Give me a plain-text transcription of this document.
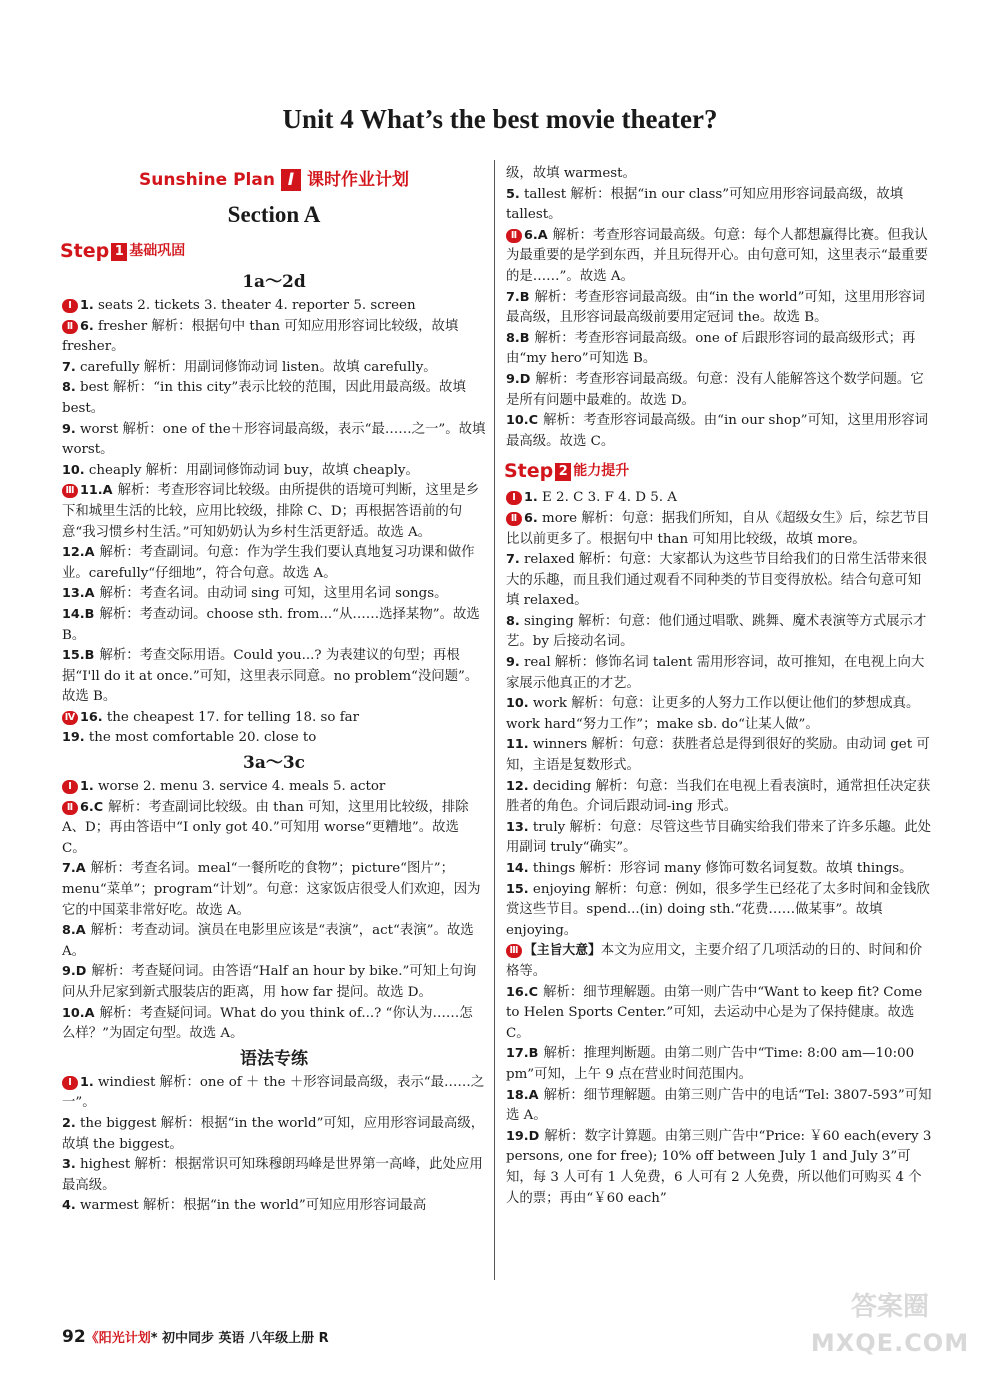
Unit 4 What’s the best movie theater?
Sunshine Plan I 课时作业计划
Section A
Step 1 基础巩固
1a～2d
Ⅰ 1. seats 2. tickets 3. theater 4. reporter 5. screen
Ⅱ 6. fresher 解析：根据句中 than 可知应用形容词比较级，故填 fresher。
7. carefully 解析：用副词修饰动词 listen。故填 carefully。
8. best 解析：“in this city”表示比较的范围，因此用最高级。故填 best。
9. worst 解析：one of the＋形容词最高级，表示“最……之一”。故填 worst。
10. cheaply 解析：用副词修饰动词 buy，故填 cheaply。
Ⅲ 11.A 解析：考查形容词比较级。由所提供的语境可判断，这里是乡下和城里生活的比较，应用比较级，排除 C、D；再根据答语前的句意“我习惯乡村生活。”可知奶奶认为乡村生活更舒适。故选 A。
12.A 解析：考查副词。句意：作为学生我们要认真地复习功课和做作业。carefully“仔细地”，符合句意。故选 A。
13.A 解析：考查名词。由动词 sing 可知，这里用名词 songs。
14.B 解析：考查动词。choose sth. from...“从……选择某物”。故选 B。
15.B 解析：考查交际用语。Could you...? 为表建议的句型；再根据“I'll do it at once.”可知，这里表示同意。no problem“没问题”。故选 B。
Ⅳ 16. the cheapest 17. for telling 18. so far
19. the most comfortable 20. close to
3a～3c
Ⅰ 1. worse 2. menu 3. service 4. meals 5. actor
Ⅱ 6.C 解析：考查副词比较级。由 than 可知，这里用比较级，排除 A、D；再由答语中“I only got 40.”可知用 worse“更糟地”。故选 C。
7.A 解析：考查名词。meal“一餐所吃的食物”；picture“图片”；menu“菜单”；program“计划”。句意：这家饭店很受人们欢迎，因为它的中国菜非常好吃。故选 A。
8.A 解析：考查动词。演员在电影里应该是“表演”，act“表演”。故选 A。
9.D 解析：考查疑问词。由答语“Half an hour by bike.”可知上句询问从升尼家到新式服装店的距离，用 how far 提问。故选 D。
10.A 解析：考查疑问词。What do you think of...? “你认为……怎么样？”为固定句型。故选 A。
语法专练
Ⅰ 1. windiest 解析：one of ＋ the ＋形容词最高级，表示“最……之一”。
2. the biggest 解析：根据“in the world”可知，应用形容词最高级，故填 the biggest。
3. highest 解析：根据常识可知珠穆朗玛峰是世界第一高峰，此处应用最高级。
4. warmest 解析：根据“in the world”可知应用形容词最高
级，故填 warmest。
5. tallest 解析：根据“in our class”可知应用形容词最高级，故填 tallest。
Ⅱ 6.A 解析：考查形容词最高级。句意：每个人都想赢得比赛。但我认为最重要的是学到东西，并且玩得开心。由句意可知，这里表示“最重要的是……”。故选 A。
7.B 解析：考查形容词最高级。由“in the world”可知，这里用形容词最高级，且形容词最高级前要用定冠词 the。故选 B。
8.B 解析：考查形容词最高级。one of 后跟形容词的最高级形式；再由“my hero”可知选 B。
9.D 解析：考查形容词最高级。句意：没有人能解答这个数学问题。它是所有问题中最难的。故选 D。
10.C 解析：考查形容词最高级。由“in our shop”可知，这里用形容词最高级。故选 C。
Step 2 能力提升
Ⅰ 1. E 2. C 3. F 4. D 5. A
Ⅱ 6. more 解析：句意：据我们所知，自从《超级女生》后，综艺节目比以前更多了。根据句中 than 可知用比较级，故填 more。
7. relaxed 解析：句意：大家都认为这些节目给我们的日常生活带来很大的乐趣，而且我们通过观看不同种类的节目变得放松。结合句意可知填 relaxed。
8. singing 解析：句意：他们通过唱歌、跳舞、魔术表演等方式展示才艺。by 后接动名词。
9. real 解析：修饰名词 talent 需用形容词，故可推知，在电视上向大家展示他真正的才艺。
10. work 解析：句意：让更多的人努力工作以便让他们的梦想成真。work hard“努力工作”；make sb. do“让某人做”。
11. winners 解析：句意：获胜者总是得到很好的奖励。由动词 get 可知，主语是复数形式。
12. deciding 解析：句意：当我们在电视上看表演时，通常担任决定获胜者的角色。介词后跟动词-ing 形式。
13. truly 解析：句意：尽管这些节目确实给我们带来了许多乐趣。此处用副词 truly“确实”。
14. things 解析：形容词 many 修饰可数名词复数。故填 things。
15. enjoying 解析：句意：例如，很多学生已经花了太多时间和金钱欣赏这些节目。spend...(in) doing sth.“花费……做某事”。故填 enjoying。
Ⅲ 【主旨大意】本文为应用文，主要介绍了几项活动的日的、时间和价格等。
16.C 解析：细节理解题。由第一则广告中“Want to keep fit? Come to Helen Sports Center.”可知，去运动中心是为了保持健康。故选 C。
17.B 解析：推理判断题。由第二则广告中“Time: 8:00 am—10:00 pm”可知，上午 9 点在营业时间范围内。
18.A 解析：细节理解题。由第三则广告中的电话“Tel: 3807-593”可知选 A。
19.D 解析：数字计算题。由第三则广告中“Price: ￥60 each(every 3 persons, one for free); 10% off between July 1 and July 3”可知，每 3 人可有 1 人免费，6 人可有 2 人免费，所以他们可购买 4 个人的票；再由“￥60 each”
92《阳光计划* 初中同步 英语 八年级上册 R
答案圈
MXQE.COM
